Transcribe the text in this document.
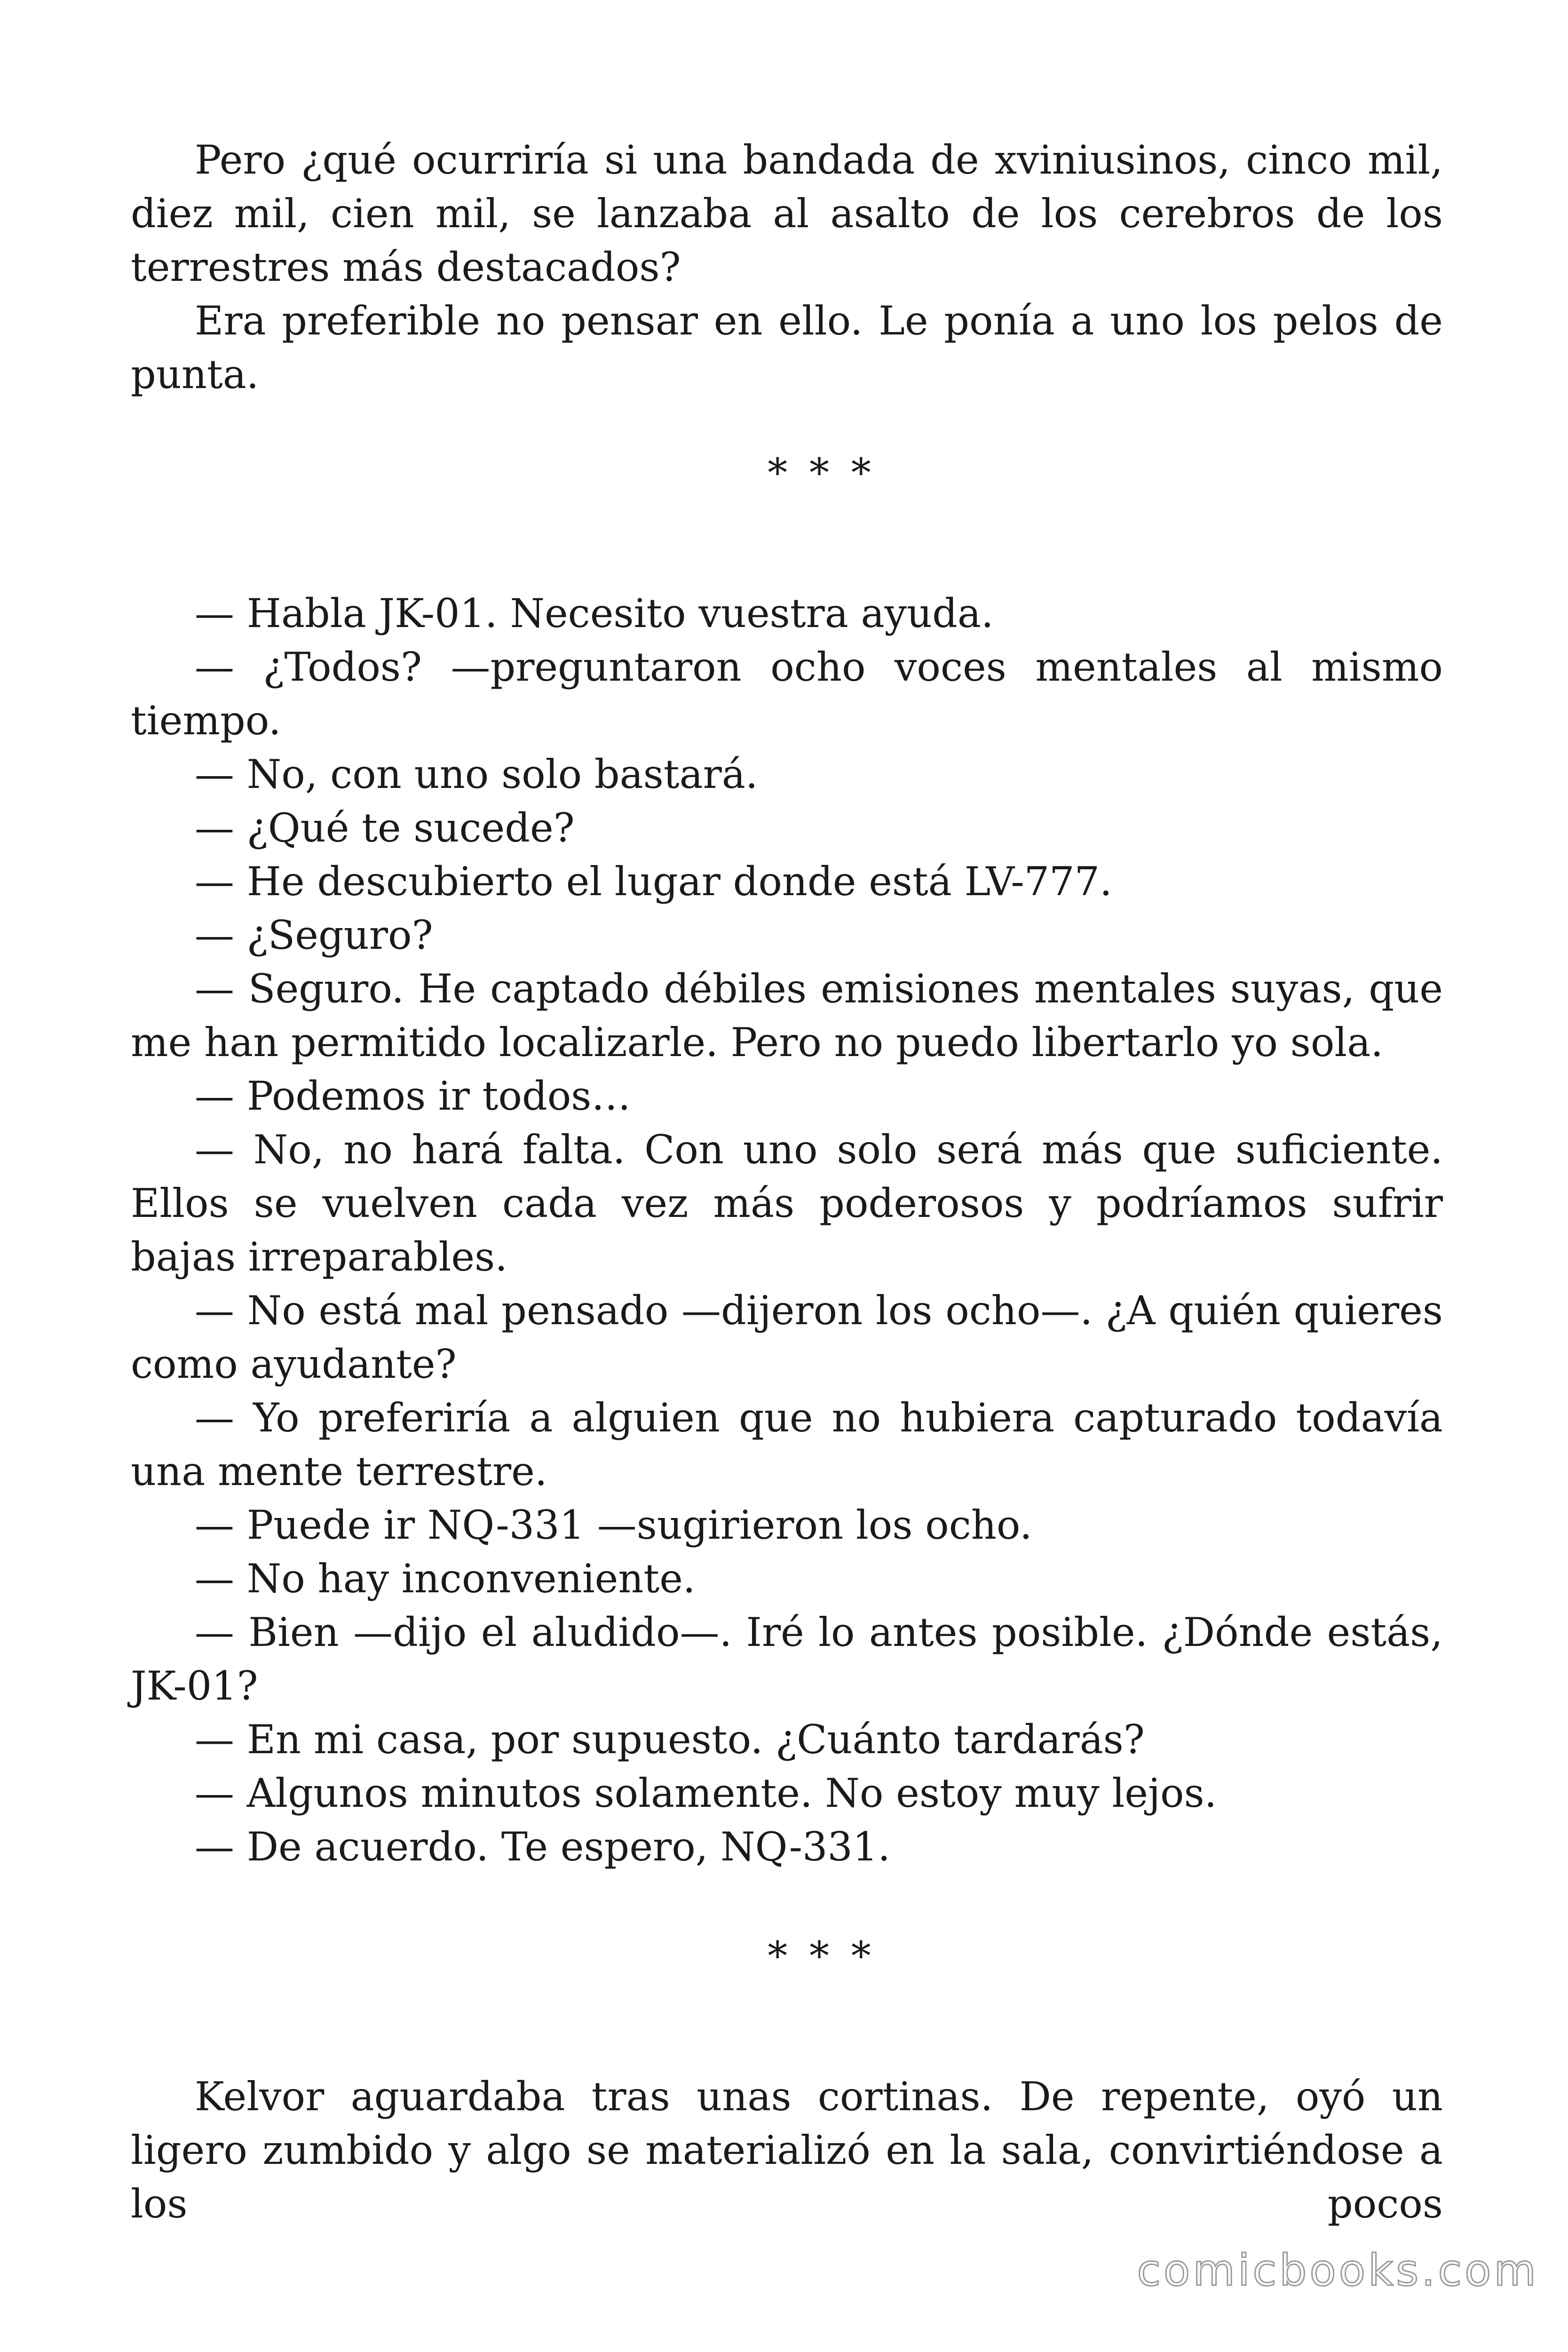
Pero ¿qué ocurriría si una bandada de xviniusinos, cinco mil, diez mil, cien mil, se lanzaba al asalto de los cerebros de los terrestres más destacados?

Era preferible no pensar en ello. Le ponía a uno los pelos de punta.

* * *

— Habla JK-01. Necesito vuestra ayuda.

— ¿Todos? —preguntaron ocho voces mentales al mismo tiempo.

— No, con uno solo bastará.

— ¿Qué te sucede?

— He descubierto el lugar donde está LV-777.

— ¿Seguro?

— Seguro. He captado débiles emisiones mentales suyas, que me han permitido localizarle. Pero no puedo libertarlo yo sola.

— Podemos ir todos…

— No, no hará falta. Con uno solo será más que suficiente. Ellos se vuelven cada vez más poderosos y podríamos sufrir bajas irreparables.

— No está mal pensado —dijeron los ocho—. ¿A quién quieres como ayudante?

— Yo preferiría a alguien que no hubiera capturado todavía una mente terrestre.

— Puede ir NQ-331 —sugirieron los ocho.

— No hay inconveniente.

— Bien —dijo el aludido—. Iré lo antes posible. ¿Dónde estás, JK-01?

— En mi casa, por supuesto. ¿Cuánto tardarás?

— Algunos minutos solamente. No estoy muy lejos.

— De acuerdo. Te espero, NQ-331.

* * *

Kelvor aguardaba tras unas cortinas. De repente, oyó un ligero zumbido y algo se materializó en la sala, convirtiéndose a los pocos

comicbooks.com
